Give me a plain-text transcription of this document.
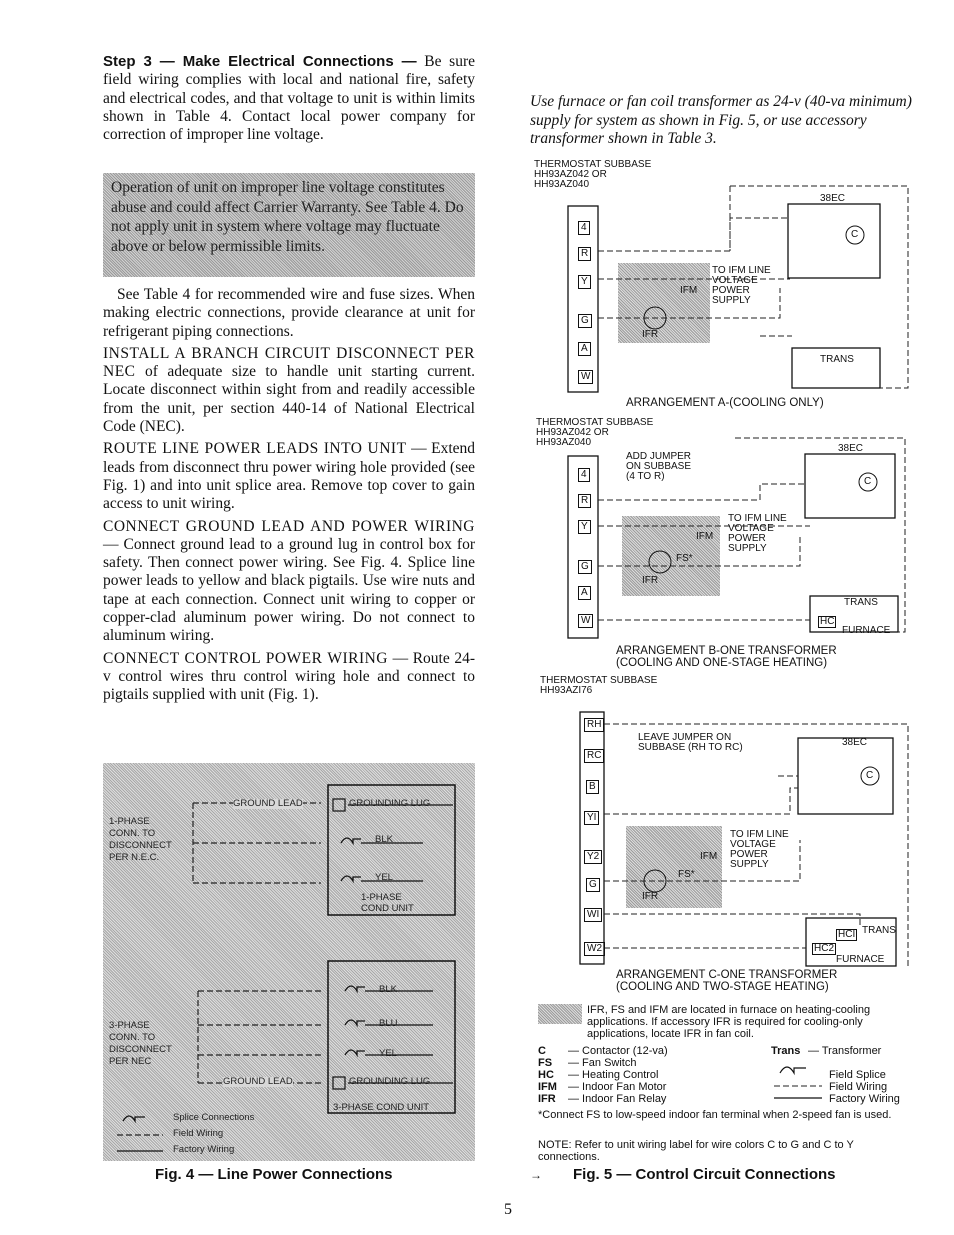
Step 3 — Make Electrical Connections — Be sure field wiring complies with local and national fire, safety and electrical codes, and that voltage to unit is within limits shown in Table 4. Contact local power company for correction of improper line voltage.

Operation of unit on improper line voltage constitutes abuse and could affect Carrier Warranty. See Table 4. Do not apply unit in system where voltage may fluctuate above or below permissible limits.

See Table 4 for recommended wire and fuse sizes. When making electric connections, provide clearance at unit for refrigerant piping connections.

INSTALL A BRANCH CIRCUIT DISCONNECT PER NEC of adequate size to handle unit starting current. Locate disconnect within sight from and readily accessible from the unit, per section 440-14 of National Electrical Code (NEC).

ROUTE LINE POWER LEADS INTO UNIT — Extend leads from disconnect thru power wiring hole provided (see Fig. 1) and into unit splice area. Remove top cover to gain access to unit wiring.

CONNECT GROUND LEAD AND POWER WIRING — Connect ground lead to a ground lug in control box for safety. Then connect power wiring. See Fig. 4. Splice line power leads to yellow and black pigtails. Use wire nuts and tape at each connection. Connect unit wiring to copper or copper-clad aluminum power wiring. Do not connect to aluminum wiring.

CONNECT CONTROL POWER WIRING — Route 24-v control wires thru control wiring hole and connect to pigtails supplied with unit (Fig. 1).

1-PHASE
CONN. TO
DISCONNECT
PER N.E.C.
GROUND LEAD	GROUNDING LUG
BLK
YEL
1-PHASE
COND UNIT
3-PHASE
CONN. TO
DISCONNECT
PER NEC
BLK
BLU
YEL
GROUND LEAD	GROUNDING LUG
3-PHASE COND UNIT
Splice Connections
Field Wiring
Factory Wiring
Fig. 4 — Line Power Connections
Use furnace or fan coil transformer as 24-v (40-va minimum) supply for system as shown in Fig. 5, or use accessory transformer shown in Table 3.
THERMOSTAT SUBBASE
HH93AZ042 OR
HH93AZ040
4
R
Y
G
A
W
38EC
C
TO IFM LINE
VOLTAGE
POWER
SUPPLY
IFM
IFR
TRANS
ARRANGEMENT A-(COOLING ONLY)
THERMOSTAT SUBBASE
HH93AZ042 OR
HH93AZ040
ADD JUMPER
ON SUBBASE
(4 TO R)
4
R
Y
G
A
W
38EC
C
TO IFM LINE
VOLTAGE
POWER
SUPPLY
IFM
IFR
FS*
TRANS
HC
FURNACE
ARRANGEMENT B-ONE TRANSFORMER
(COOLING AND ONE-STAGE HEATING)
THERMOSTAT SUBBASE
HH93AZI76
LEAVE JUMPER ON
SUBBASE (RH TO RC)
RH
RC
B
YI
Y2
G
WI
W2
38EC
C
TO IFM LINE
VOLTAGE
POWER
SUPPLY
IFM
IFR
FS*
TRANS
HCI
HC2
FURNACE
ARRANGEMENT C-ONE TRANSFORMER
(COOLING AND TWO-STAGE HEATING)
IFR, FS and IFM are located in furnace on heating-cooling
applications. If accessory IFR is required for cooling-only
applications, locate IFR in fan coil.
C — Contactor (12-va)
FS — Fan Switch
HC — Heating Control
IFM — Indoor Fan Motor
IFR — Indoor Fan Relay
Trans — Transformer
Field Splice
Field Wiring
Factory Wiring
*Connect FS to low-speed indoor fan terminal when 2-speed fan is used.
NOTE: Refer to unit wiring label for wire colors C to G and C to Y connections.
→ Fig. 5 — Control Circuit Connections
5
